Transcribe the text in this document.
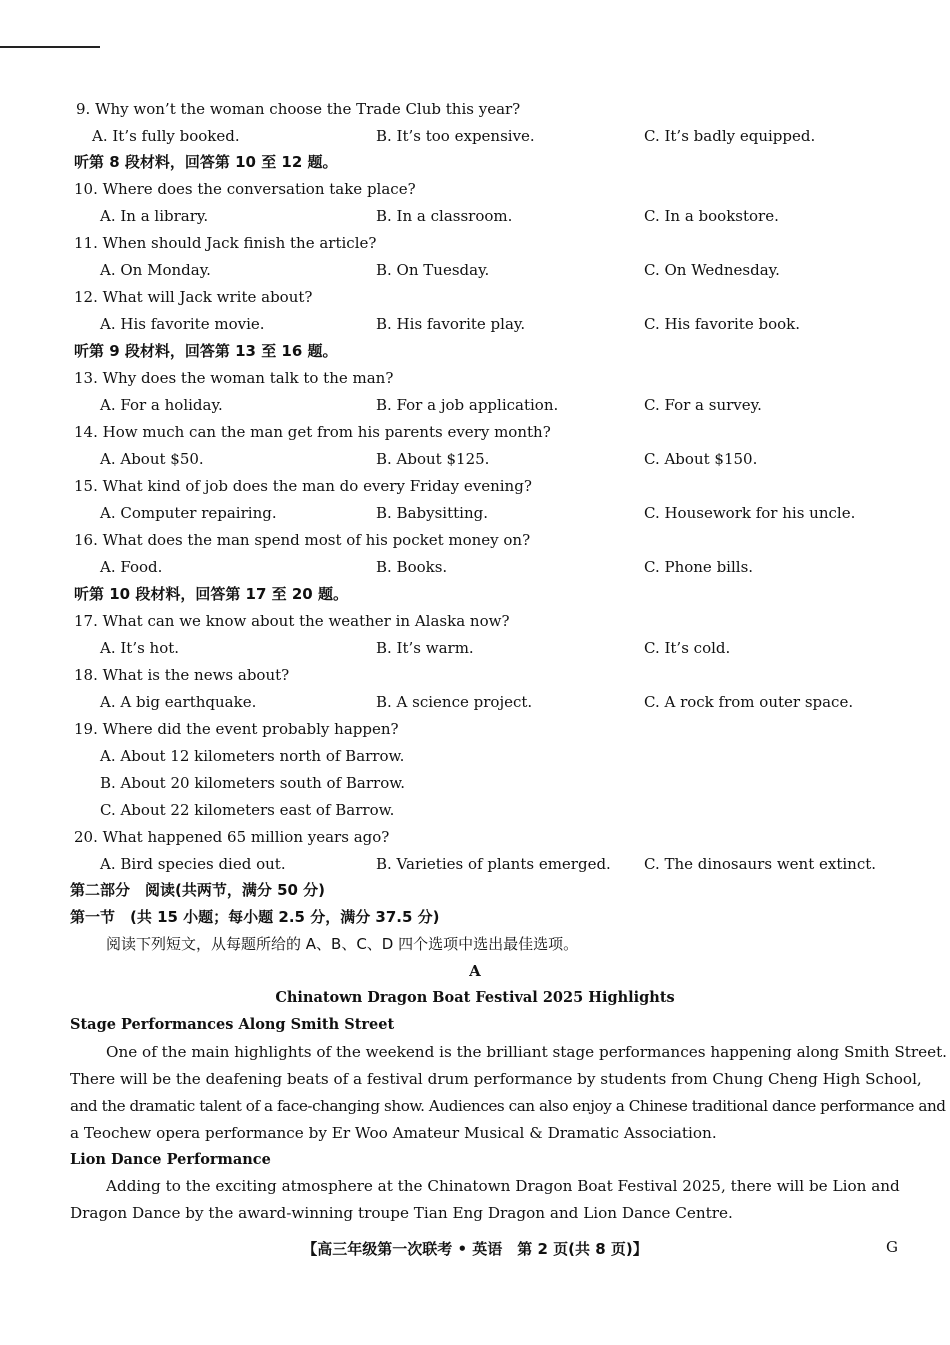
9. Why won’t the woman choose the Trade Club this year?
A. It’s fully booked.	B. It’s too expensive.	C. It’s badly equipped.
听第 8 段材料，回答第 10 至 12 题。
10. Where does the conversation take place?
A. In a library.	B. In a classroom.	C. In a bookstore.
11. When should Jack finish the article?
A. On Monday.	B. On Tuesday.	C. On Wednesday.
12. What will Jack write about?
A. His favorite movie.	B. His favorite play.	C. His favorite book.
听第 9 段材料，回答第 13 至 16 题。
13. Why does the woman talk to the man?
A. For a holiday.	B. For a job application.	C. For a survey.
14. How much can the man get from his parents every month?
A. About $50.	B. About $125.	C. About $150.
15. What kind of job does the man do every Friday evening?
A. Computer repairing.	B. Babysitting.	C. Housework for his uncle.
16. What does the man spend most of his pocket money on?
A. Food.	B. Books.	C. Phone bills.
听第 10 段材料，回答第 17 至 20 题。
17. What can we know about the weather in Alaska now?
A. It’s hot.	B. It’s warm.	C. It’s cold.
18. What is the news about?
A. A big earthquake.	B. A science project.	C. A rock from outer space.
19. Where did the event probably happen?
A. About 12 kilometers north of Barrow.
B. About 20 kilometers south of Barrow.
C. About 22 kilometers east of Barrow.
20. What happened 65 million years ago?
A. Bird species died out.	B. Varieties of plants emerged. C. The dinosaurs went extinct.
第二部分　阅读(共两节，满分 50 分)
第一节　(共 15 小题；每小题 2.5 分，满分 37.5 分)
阅读下列短文，从每题所给的 A、B、C、D 四个选项中选出最佳选项。
A
Chinatown Dragon Boat Festival 2025 Highlights
Stage Performances Along Smith Street
One of the main highlights of the weekend is the brilliant stage performances happening along Smith Street.
There will be the deafening beats of a festival drum performance by students from Chung Cheng High School,
and the dramatic talent of a face-changing show. Audiences can also enjoy a Chinese traditional dance performance and
a Teochew opera performance by Er Woo Amateur Musical & Dramatic Association.
Lion Dance Performance
Adding to the exciting atmosphere at the Chinatown Dragon Boat Festival 2025, there will be Lion and
Dragon Dance by the award-winning troupe Tian Eng Dragon and Lion Dance Centre.
【高三年级第一次联考 • 英语　第 2 页(共 8 页)】	G
